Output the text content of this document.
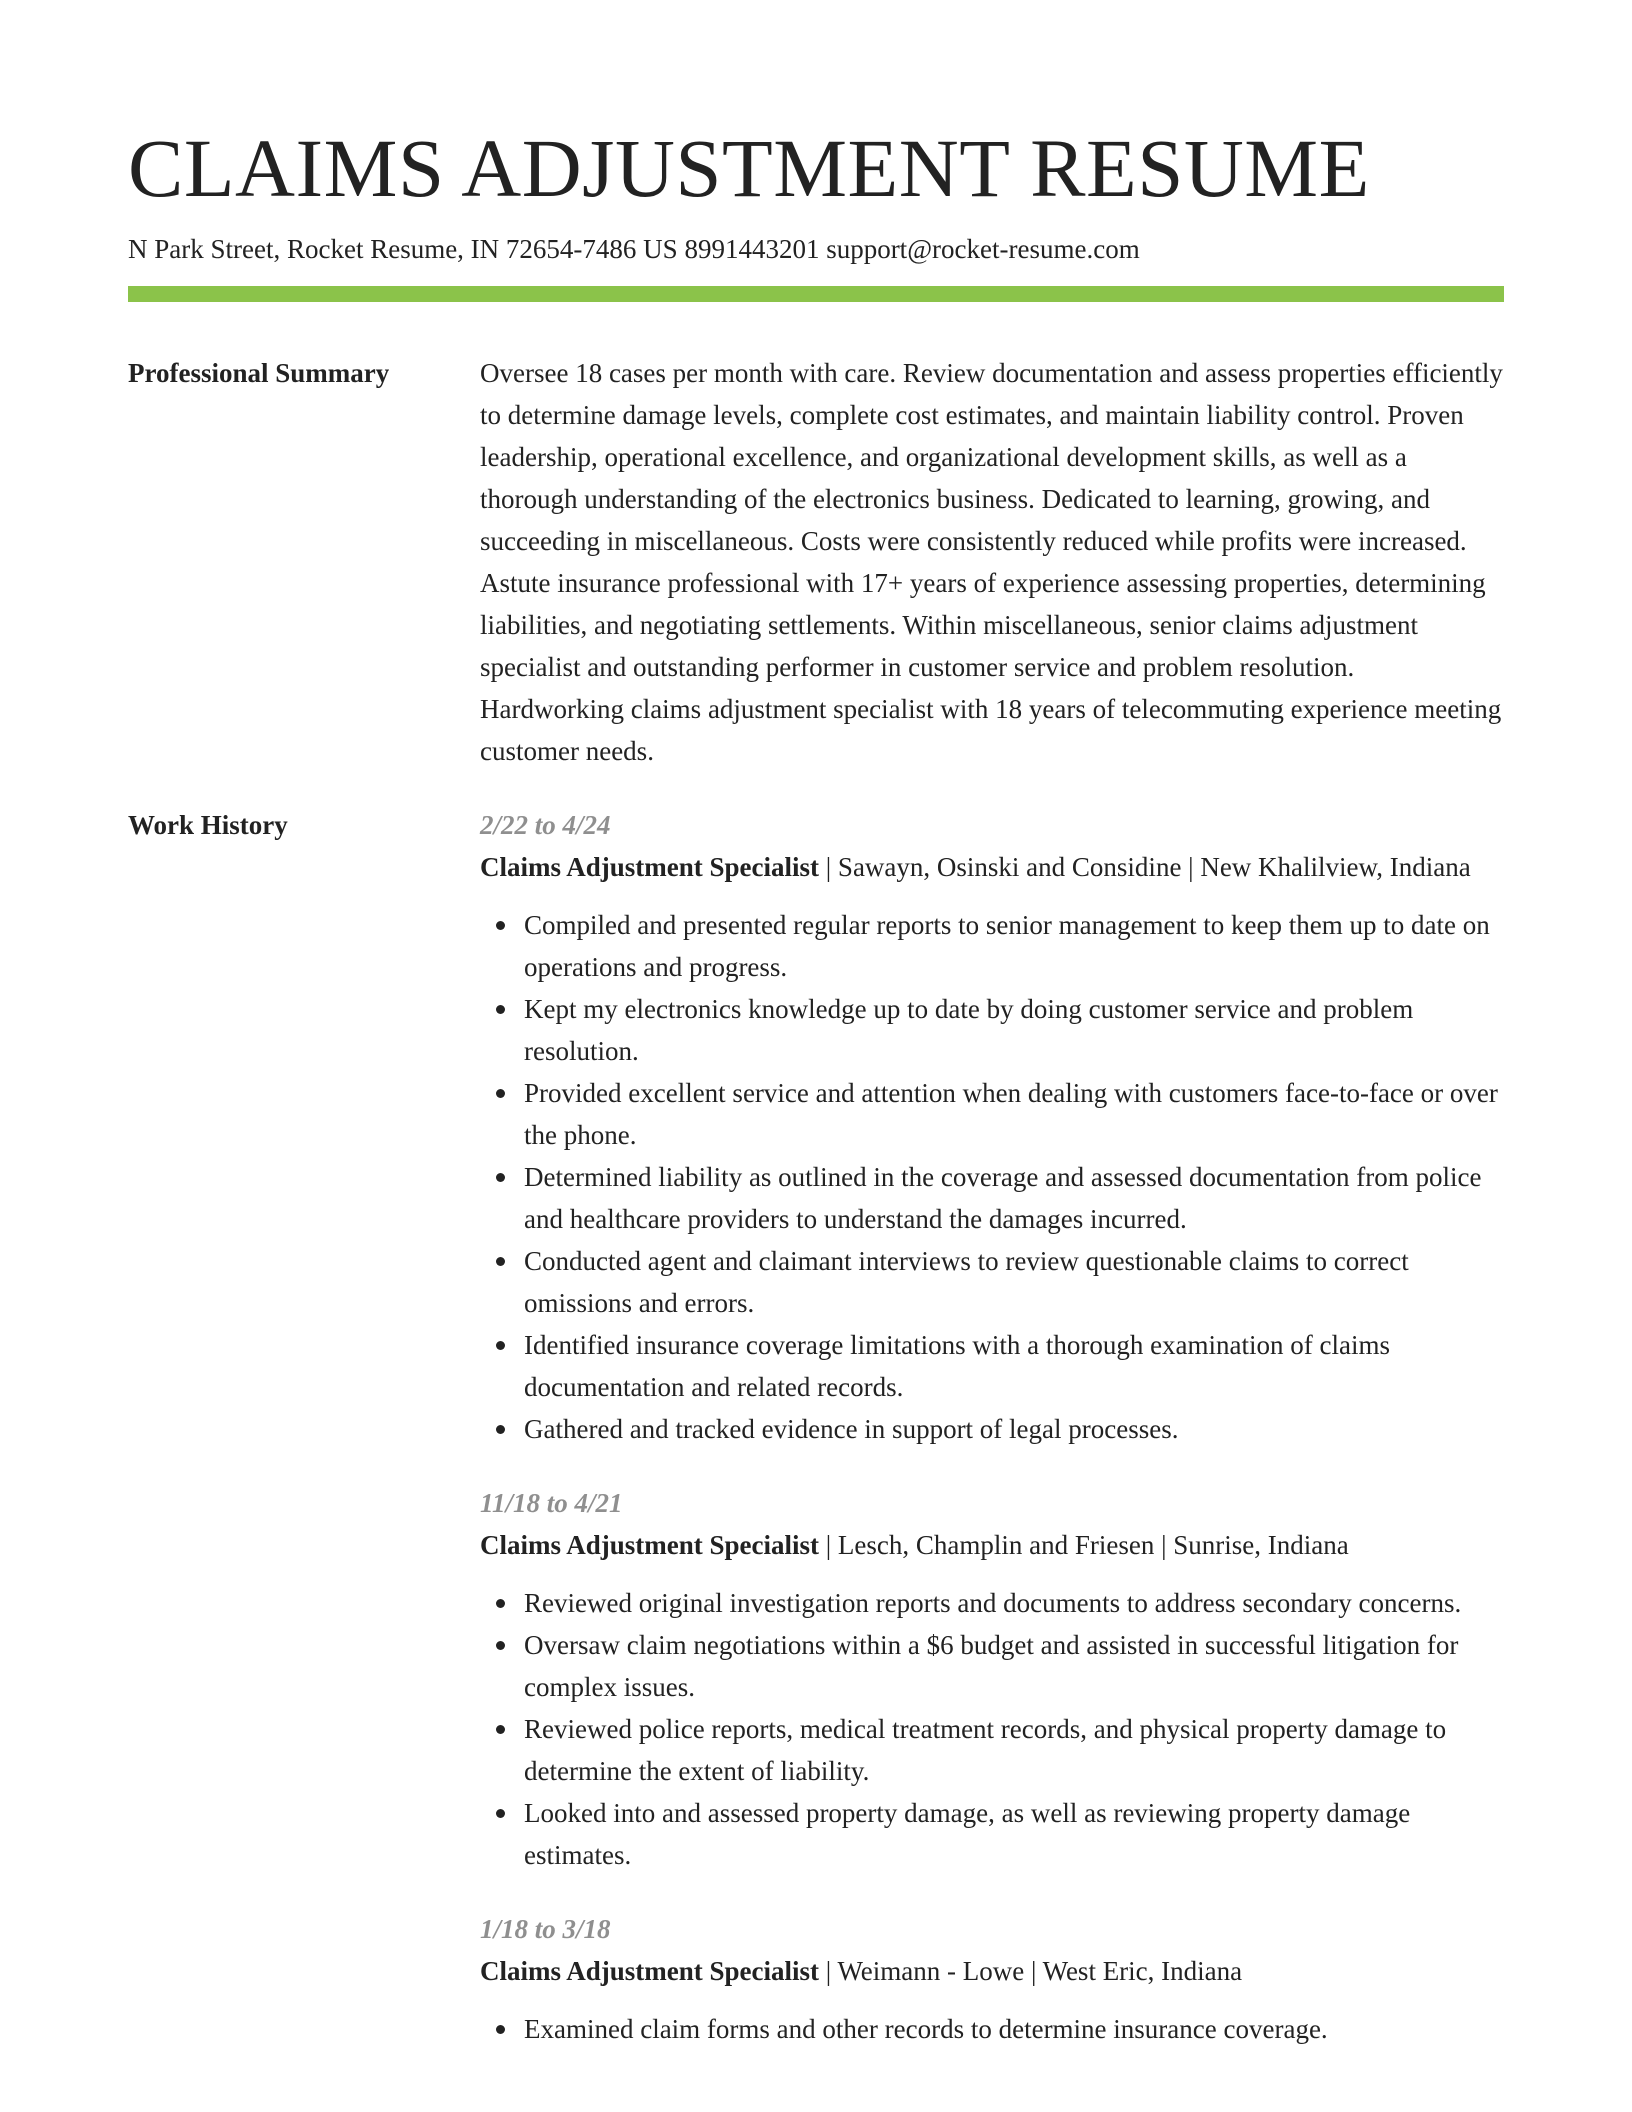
CLAIMS ADJUSTMENT RESUME
N Park Street, Rocket Resume, IN 72654-7486 US 8991443201 support@rocket-resume.com
Professional Summary	Oversee 18 cases per month with care. Review documentation and assess properties efficiently to determine damage levels, complete cost estimates, and maintain liability control. Proven leadership, operational excellence, and organizational development skills, as well as a thorough understanding of the electronics business. Dedicated to learning, growing, and succeeding in miscellaneous. Costs were consistently reduced while profits were increased. Astute insurance professional with 17+ years of experience assessing properties, determining liabilities, and negotiating settlements. Within miscellaneous, senior claims adjustment specialist and outstanding performer in customer service and problem resolution. Hardworking claims adjustment specialist with 18 years of telecommuting experience meeting customer needs.

Work History	2/22 to 4/24

Claims Adjustment Specialist | Sawayn, Osinski and Considine | New Khalilview, Indiana

Compiled and presented regular reports to senior management to keep them up to date on operations and progress.
Kept my electronics knowledge up to date by doing customer service and problem resolution.
Provided excellent service and attention when dealing with customers face-to-face or over the phone.
Determined liability as outlined in the coverage and assessed documentation from police and healthcare providers to understand the damages incurred.
Conducted agent and claimant interviews to review questionable claims to correct omissions and errors.
Identified insurance coverage limitations with a thorough examination of claims documentation and related records.
Gathered and tracked evidence in support of legal processes.
11/18 to 4/21

Claims Adjustment Specialist | Lesch, Champlin and Friesen | Sunrise, Indiana

Reviewed original investigation reports and documents to address secondary concerns.
Oversaw claim negotiations within a $6 budget and assisted in successful litigation for complex issues.
Reviewed police reports, medical treatment records, and physical property damage to determine the extent of liability.
Looked into and assessed property damage, as well as reviewing property damage estimates.
1/18 to 3/18

Claims Adjustment Specialist | Weimann - Lowe | West Eric, Indiana

Examined claim forms and other records to determine insurance coverage.
